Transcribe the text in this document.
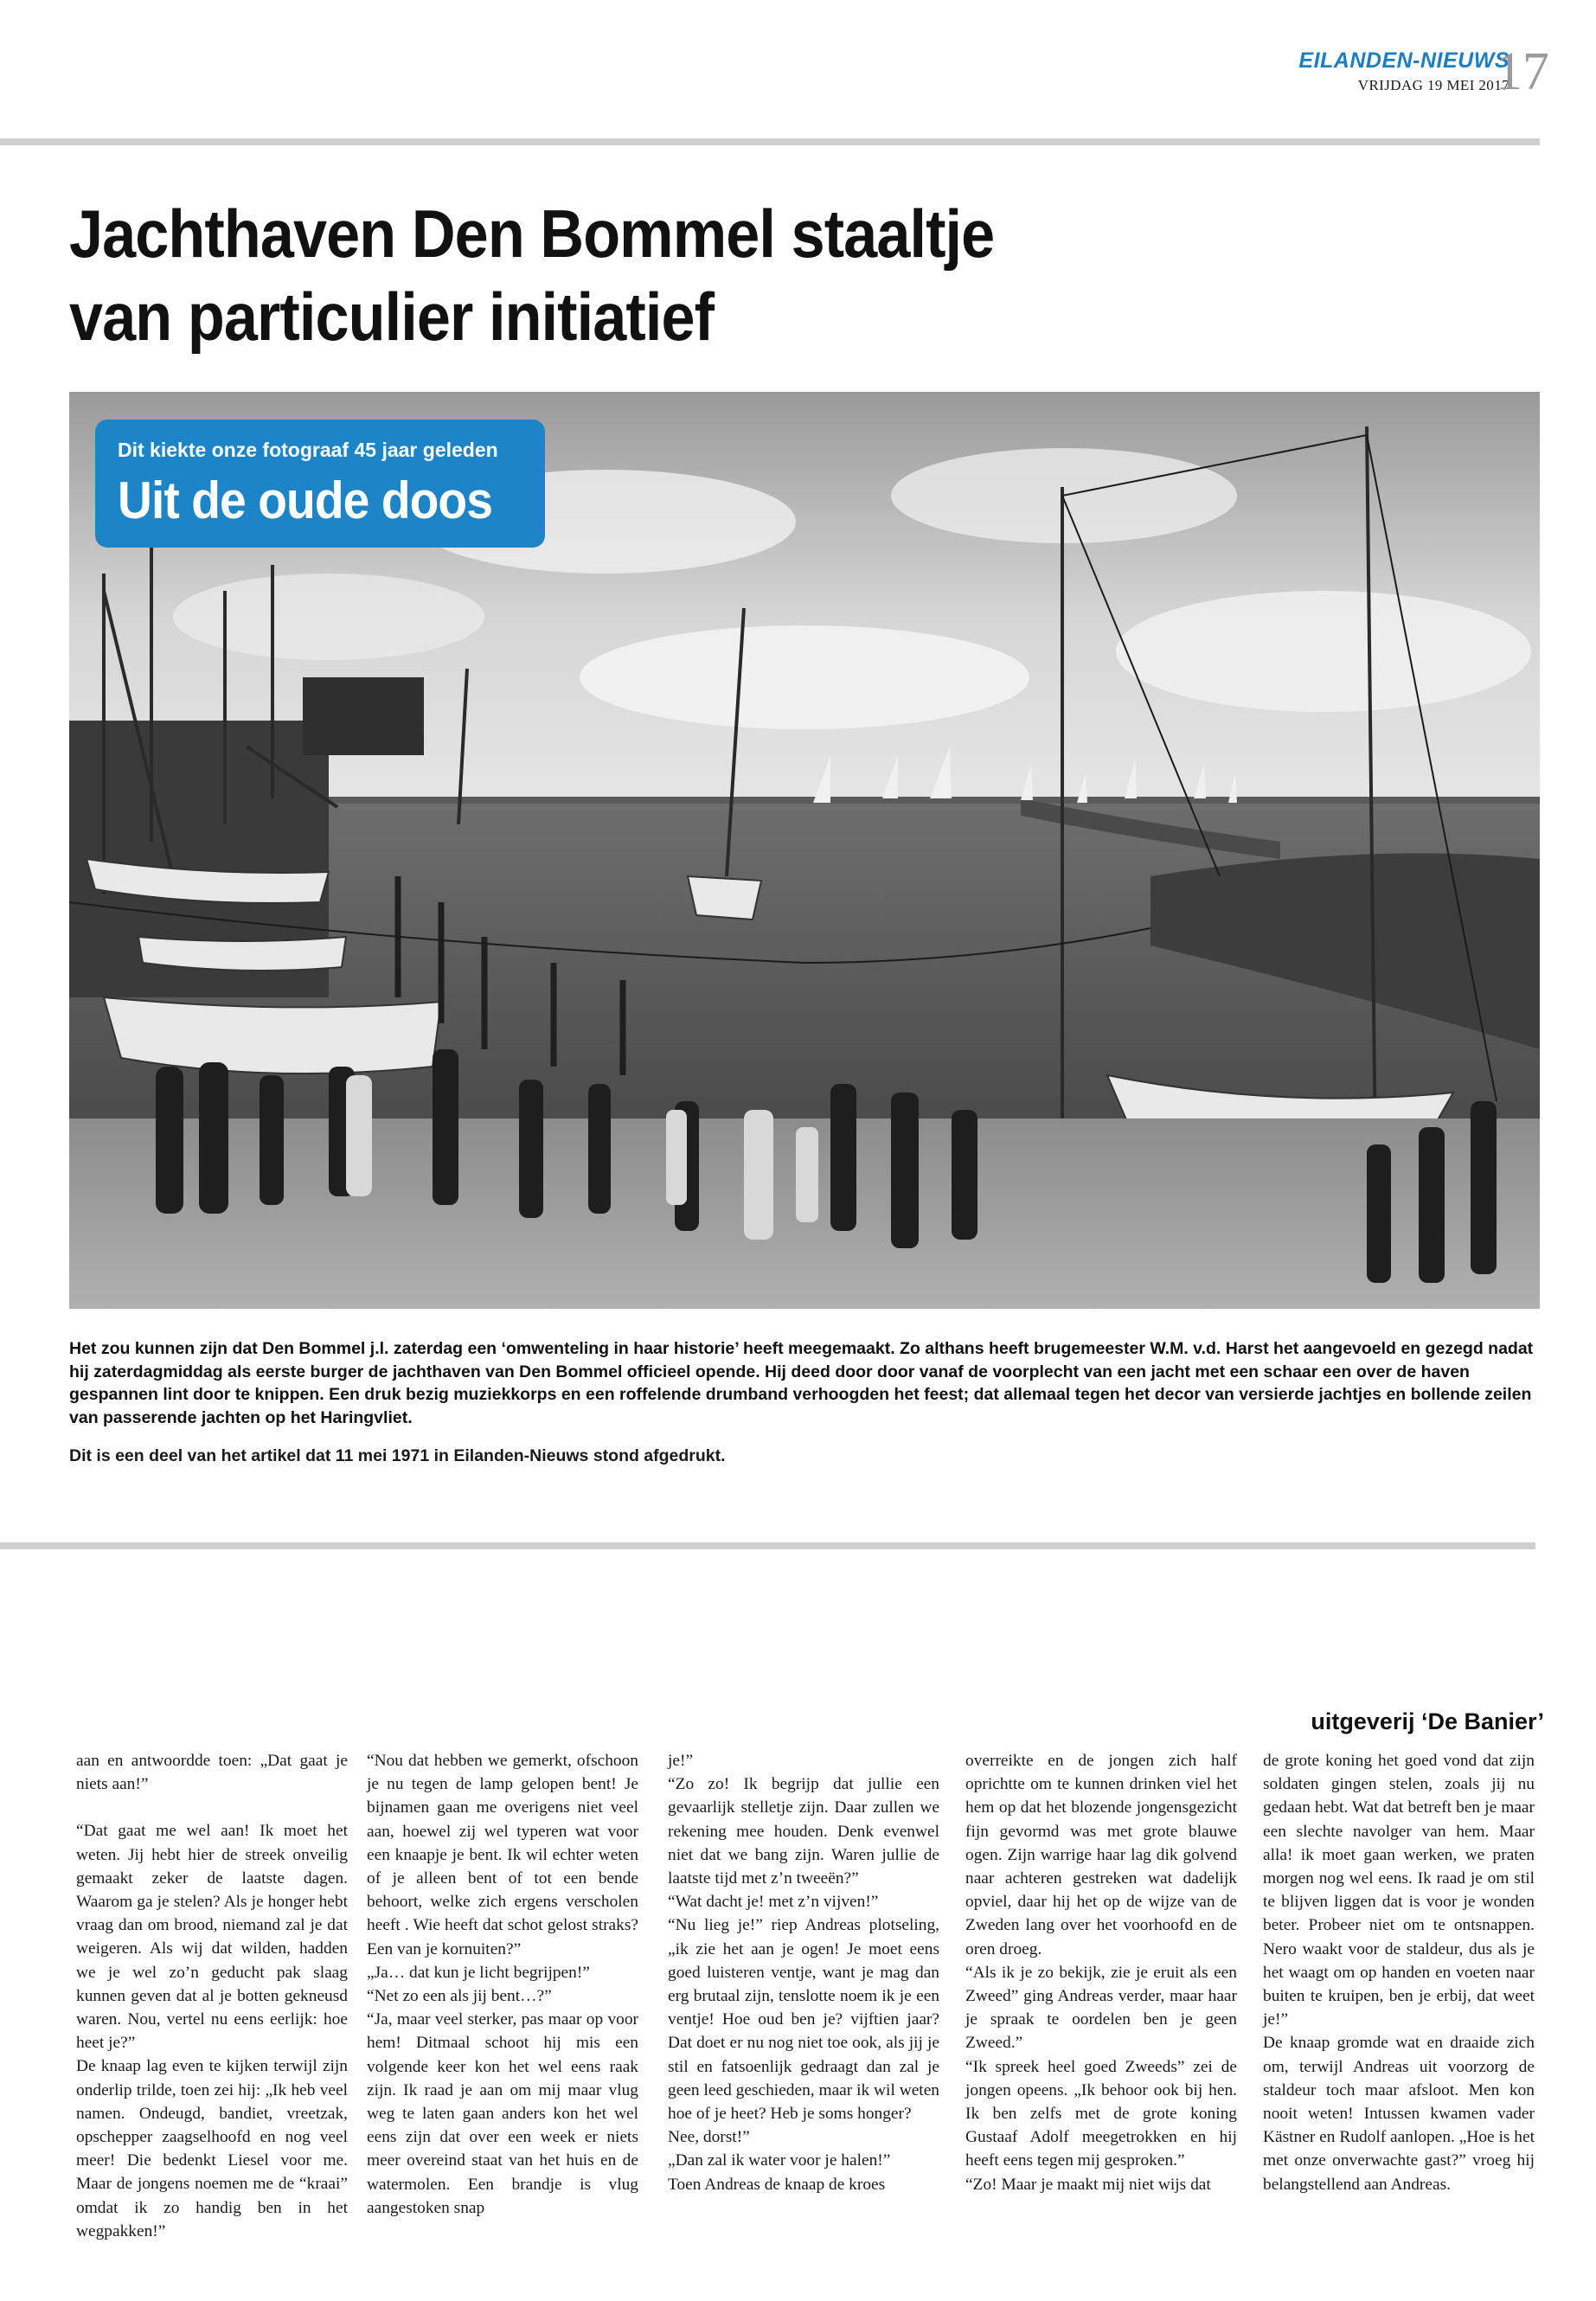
EILANDEN-NIEUWS
VRIJDAG 19 MEI 2017
17
Jachthaven Den Bommel staaltje
van particulier initiatief
Dit kiekte onze fotograaf 45 jaar geleden
Uit de oude doos

Het zou kunnen zijn dat Den Bommel j.l. zaterdag een ‘omwenteling in haar historie’ heeft meegemaakt. Zo althans heeft brugemeester W.M. v.d. Harst het aangevoeld en gezegd nadat hij zaterdagmiddag als eerste burger de jachthaven van Den Bommel officieel opende. Hij deed door door vanaf de voorplecht van een jacht met een schaar een over de haven gespannen lint door te knippen. Een druk bezig muziekkorps en een roffelende drumband verhoogden het feest; dat allemaal tegen het decor van versierde jachtjes en bollende zeilen van passerende jachten op het Haringvliet.

Dit is een deel van het artikel dat 11 mei 1971 in Eilanden-Nieuws stond afgedrukt.

uitgeverij ‘De Banier’

aan en antwoordde toen: „Dat gaat je niets aan!”

“Dat gaat me wel aan! Ik moet het weten. Jij hebt hier de streek onveilig gemaakt zeker de laatste dagen. Waarom ga je stelen? Als je honger hebt vraag dan om brood, niemand zal je dat weigeren. Als wij dat wilden, hadden we je wel zo’n geducht pak slaag kunnen geven dat al je botten gekneusd waren. Nou, vertel nu eens eerlijk: hoe heet je?”

De knaap lag even te kijken terwijl zijn onderlip trilde, toen zei hij: „Ik heb veel namen. Ondeugd, bandiet, vreetzak, opschepper zaagselhoofd en nog veel meer! Die bedenkt Liesel voor me. Maar de jongens noemen me de “kraai” omdat ik zo handig ben in het wegpakken!”

“Nou dat hebben we gemerkt, ofschoon je nu tegen de lamp gelopen bent! Je bijnamen gaan me overigens niet veel aan, hoewel zij wel typeren wat voor een knaapje je bent. Ik wil echter weten of je alleen bent of tot een bende behoort, welke zich ergens verscholen heeft . Wie heeft dat schot gelost straks? Een van je kornuiten?”

„Ja… dat kun je licht begrijpen!”

“Net zo een als jij bent…?”

“Ja, maar veel sterker, pas maar op voor hem! Ditmaal schoot hij mis een volgende keer kon het wel eens raak zijn. Ik raad je aan om mij maar vlug weg te laten gaan anders kon het wel eens zijn dat over een week er niets meer overeind staat van het huis en de watermolen. Een brandje is vlug aangestoken snap

je!”

“Zo zo! Ik begrijp dat jullie een gevaarlijk stelletje zijn. Daar zullen we rekening mee houden. Denk evenwel niet dat we bang zijn. Waren jullie de laatste tijd met z’n tweeën?”

“Wat dacht je! met z’n vijven!”

“Nu lieg je!” riep Andreas plotseling, „ik zie het aan je ogen! Je moet eens goed luisteren ventje, want je mag dan erg brutaal zijn, tenslotte noem ik je een ventje! Hoe oud ben je? vijftien jaar? Dat doet er nu nog niet toe ook, als jij je stil en fatsoenlijk gedraagt dan zal je geen leed geschieden, maar ik wil weten hoe of je heet? Heb je soms honger?

Nee, dorst!”

„Dan zal ik water voor je halen!”

Toen Andreas de knaap de kroes

overreikte en de jongen zich half oprichtte om te kunnen drinken viel het hem op dat het blozende jongensgezicht fijn gevormd was met grote blauwe ogen. Zijn warrige haar lag dik golvend naar achteren gestreken wat dadelijk opviel, daar hij het op de wijze van de Zweden lang over het voorhoofd en de oren droeg.

“Als ik je zo bekijk, zie je eruit als een Zweed” ging Andreas verder, maar haar je spraak te oordelen ben je geen Zweed.”

“Ik spreek heel goed Zweeds” zei de jongen opeens. „Ik behoor ook bij hen. Ik ben zelfs met de grote koning Gustaaf Adolf meegetrokken en hij heeft eens tegen mij gesproken.”

“Zo! Maar je maakt mij niet wijs dat

de grote koning het goed vond dat zijn soldaten gingen stelen, zoals jij nu gedaan hebt. Wat dat betreft ben je maar een slechte navolger van hem. Maar alla! ik moet gaan werken, we praten morgen nog wel eens. Ik raad je om stil te blijven liggen dat is voor je wonden beter. Probeer niet om te ontsnappen. Nero waakt voor de staldeur, dus als je het waagt om op handen en voeten naar buiten te kruipen, ben je erbij, dat weet je!”

De knaap gromde wat en draaide zich om, terwijl Andreas uit voorzorg de staldeur toch maar afsloot. Men kon nooit weten! Intussen kwamen vader Kästner en Rudolf aanlopen. „Hoe is het met onze onverwachte gast?” vroeg hij belangstellend aan Andreas.
